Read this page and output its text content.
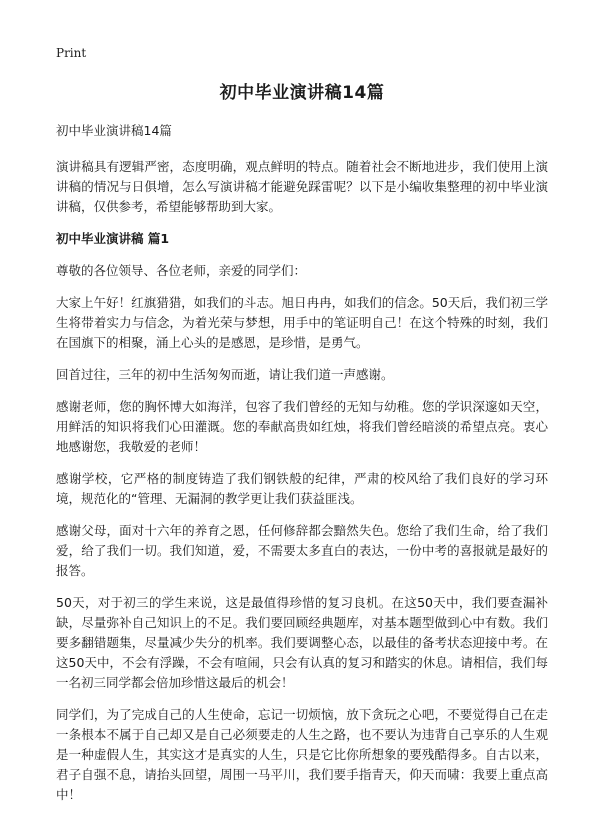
Print
初中毕业演讲稿14篇
初中毕业演讲稿14篇

演讲稿具有逻辑严密，态度明确，观点鲜明的特点。随着社会不断地进步，我们使用上演讲稿的情况与日俱增，怎么写演讲稿才能避免踩雷呢？以下是小编收集整理的初中毕业演讲稿，仅供参考，希望能够帮助到大家。

初中毕业演讲稿 篇1

尊敬的各位领导、各位老师，亲爱的同学们：

大家上午好！红旗猎猎，如我们的斗志。旭日冉冉，如我们的信念。50天后，我们初三学生将带着实力与信念，为着光荣与梦想，用手中的笔证明自己！在这个特殊的时刻，我们在国旗下的相聚，涌上心头的是感恩，是珍惜，是勇气。

回首过往，三年的初中生活匆匆而逝，请让我们道一声感谢。

感谢老师，您的胸怀博大如海洋，包容了我们曾经的无知与幼稚。您的学识深邃如天空，用鲜活的知识将我们心田灌溉。您的奉献高贵如红烛，将我们曾经暗淡的希望点亮。衷心地感谢您，我敬爱的老师！

感谢学校，它严格的制度铸造了我们钢铁般的纪律，严肃的校风给了我们良好的学习环境，规范化的“管理、无漏洞的教学更让我们获益匪浅。

感谢父母，面对十六年的养育之恩，任何修辞都会黯然失色。您给了我们生命，给了我们爱，给了我们一切。我们知道，爱，不需要太多直白的表达，一份中考的喜报就是最好的报答。

50天，对于初三的学生来说，这是最值得珍惜的复习良机。在这50天中，我们要查漏补缺，尽量弥补自己知识上的不足。我们要回顾经典题库，对基本题型做到心中有数。我们要多翻错题集，尽量减少失分的机率。我们要调整心态，以最佳的备考状态迎接中考。在这50天中，不会有浮躁，不会有喧闹，只会有认真的复习和踏实的休息。请相信，我们每一名初三同学都会倍加珍惜这最后的机会！

同学们，为了完成自己的人生使命，忘记一切烦恼，放下贪玩之心吧，不要觉得自己在走一条根本不属于自己却又是自己必须要走的人生之路，也不要认为违背自己享乐的人生观是一种虚假人生，其实这才是真实的人生，只是它比你所想象的要残酷得多。自古以来，君子自强不息，请抬头回望，周围一马平川，我们要手指青天，仰天而啸：我要上重点高中！
